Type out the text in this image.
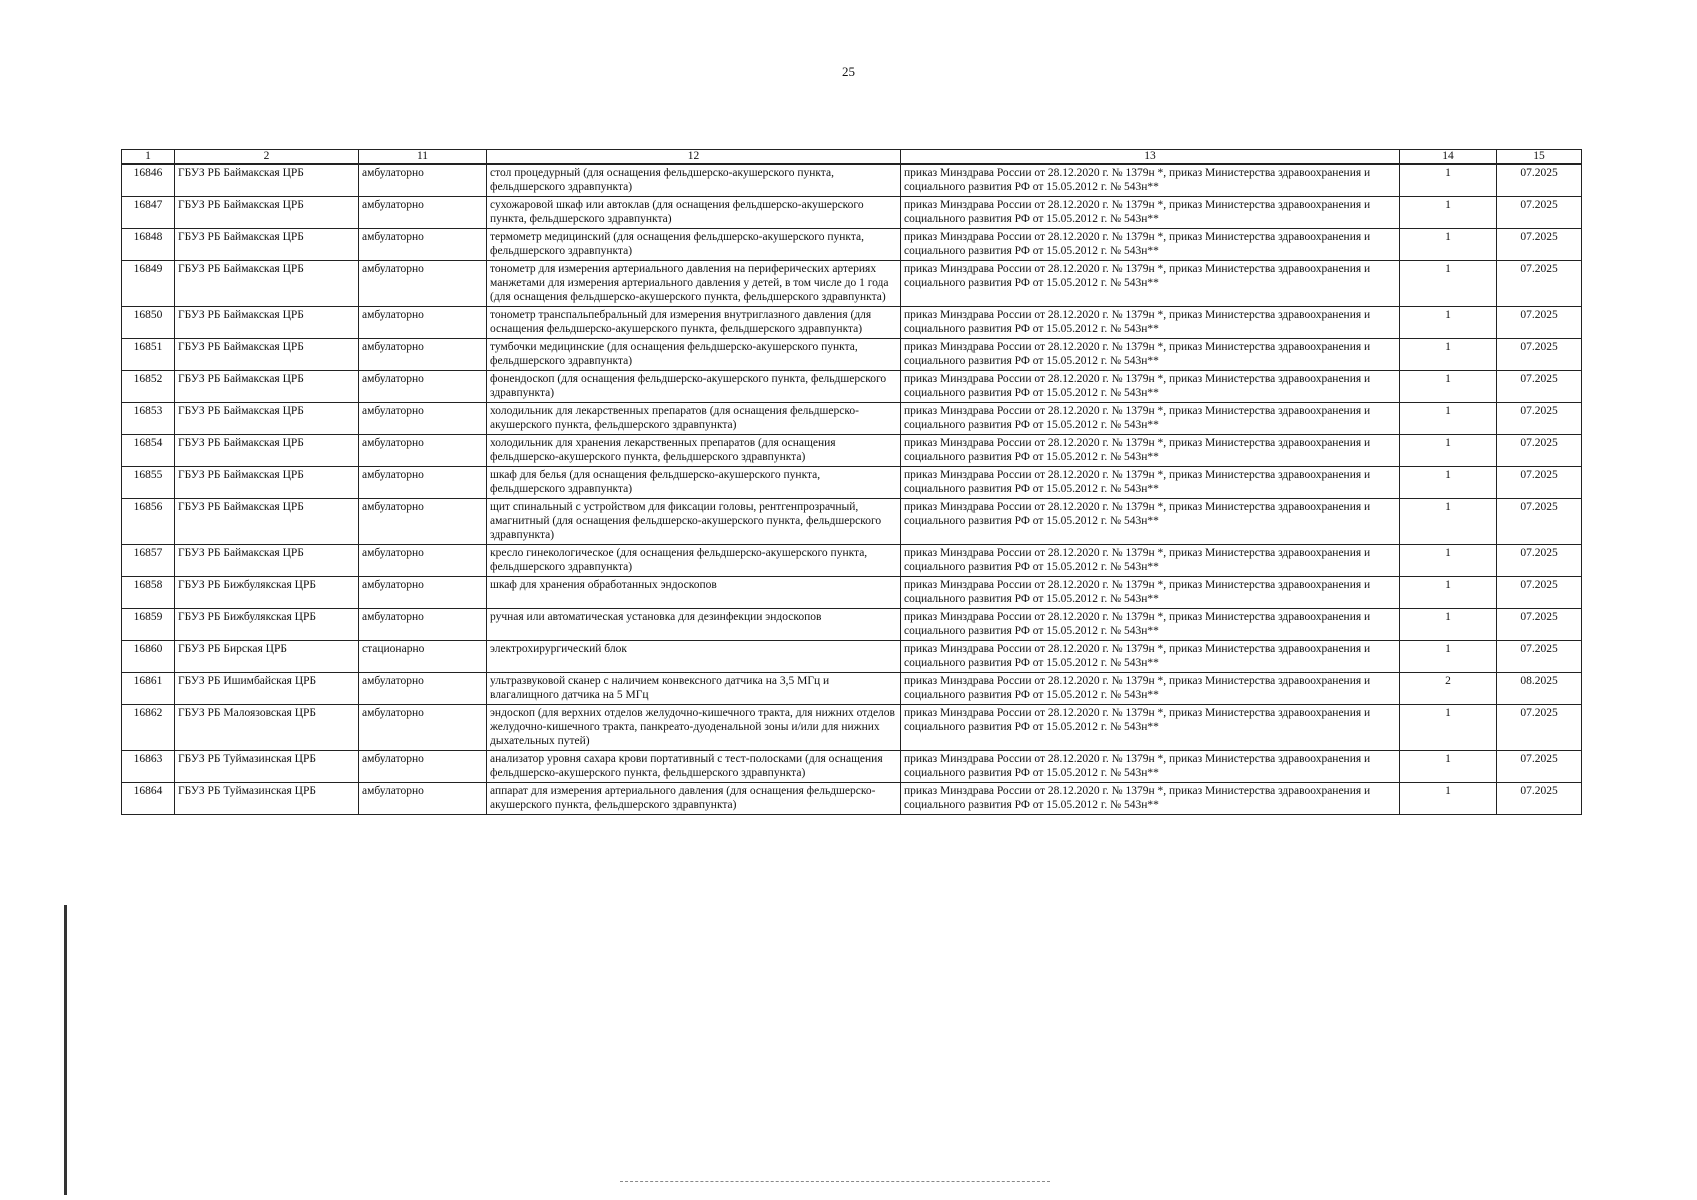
25
1	2	11	12	13	14	15
16846	ГБУЗ РБ Баймакская ЦРБ	амбулаторно	стол процедурный (для оснащения фельдшерско-акушерского пункта, фельдшерского здравпункта)	приказ Минздрава России от 28.12.2020 г. № 1379н *, приказ Министерства здравоохранения и социального развития РФ от 15.05.2012 г. № 543н**	1	07.2025
16847	ГБУЗ РБ Баймакская ЦРБ	амбулаторно	сухожаровой шкаф или автоклав (для оснащения фельдшерско-акушерского пункта, фельдшерского здравпункта)	приказ Минздрава России от 28.12.2020 г. № 1379н *, приказ Министерства здравоохранения и социального развития РФ от 15.05.2012 г. № 543н**	1	07.2025
16848	ГБУЗ РБ Баймакская ЦРБ	амбулаторно	термометр медицинский (для оснащения фельдшерско-акушерского пункта, фельдшерского здравпункта)	приказ Минздрава России от 28.12.2020 г. № 1379н *, приказ Министерства здравоохранения и социального развития РФ от 15.05.2012 г. № 543н**	1	07.2025
16849	ГБУЗ РБ Баймакская ЦРБ	амбулаторно	тонометр для измерения артериального давления на периферических артериях манжетами для измерения артериального давления у детей, в том числе до 1 года (для оснащения фельдшерско-акушерского пункта, фельдшерского здравпункта)	приказ Минздрава России от 28.12.2020 г. № 1379н *, приказ Министерства здравоохранения и социального развития РФ от 15.05.2012 г. № 543н**	1	07.2025
16850	ГБУЗ РБ Баймакская ЦРБ	амбулаторно	тонометр транспальпебральный для измерения внутриглазного давления (для оснащения фельдшерско-акушерского пункта, фельдшерского здравпункта)	приказ Минздрава России от 28.12.2020 г. № 1379н *, приказ Министерства здравоохранения и социального развития РФ от 15.05.2012 г. № 543н**	1	07.2025
16851	ГБУЗ РБ Баймакская ЦРБ	амбулаторно	тумбочки медицинские (для оснащения фельдшерско-акушерского пункта, фельдшерского здравпункта)	приказ Минздрава России от 28.12.2020 г. № 1379н *, приказ Министерства здравоохранения и социального развития РФ от 15.05.2012 г. № 543н**	1	07.2025
16852	ГБУЗ РБ Баймакская ЦРБ	амбулаторно	фонендоскоп (для оснащения фельдшерско-акушерского пункта, фельдшерского здравпункта)	приказ Минздрава России от 28.12.2020 г. № 1379н *, приказ Министерства здравоохранения и социального развития РФ от 15.05.2012 г. № 543н**	1	07.2025
16853	ГБУЗ РБ Баймакская ЦРБ	амбулаторно	холодильник для лекарственных препаратов (для оснащения фельдшерско-акушерского пункта, фельдшерского здравпункта)	приказ Минздрава России от 28.12.2020 г. № 1379н *, приказ Министерства здравоохранения и социального развития РФ от 15.05.2012 г. № 543н**	1	07.2025
16854	ГБУЗ РБ Баймакская ЦРБ	амбулаторно	холодильник для хранения лекарственных препаратов (для оснащения фельдшерско-акушерского пункта, фельдшерского здравпункта)	приказ Минздрава России от 28.12.2020 г. № 1379н *, приказ Министерства здравоохранения и социального развития РФ от 15.05.2012 г. № 543н**	1	07.2025
16855	ГБУЗ РБ Баймакская ЦРБ	амбулаторно	шкаф для белья (для оснащения фельдшерско-акушерского пункта, фельдшерского здравпункта)	приказ Минздрава России от 28.12.2020 г. № 1379н *, приказ Министерства здравоохранения и социального развития РФ от 15.05.2012 г. № 543н**	1	07.2025
16856	ГБУЗ РБ Баймакская ЦРБ	амбулаторно	щит спинальный с устройством для фиксации головы, рентгенпрозрачный, амагнитный (для оснащения фельдшерско-акушерского пункта, фельдшерского здравпункта)	приказ Минздрава России от 28.12.2020 г. № 1379н *, приказ Министерства здравоохранения и социального развития РФ от 15.05.2012 г. № 543н**	1	07.2025
16857	ГБУЗ РБ Баймакская ЦРБ	амбулаторно	кресло гинекологическое (для оснащения фельдшерско-акушерского пункта, фельдшерского здравпункта)	приказ Минздрава России от 28.12.2020 г. № 1379н *, приказ Министерства здравоохранения и социального развития РФ от 15.05.2012 г. № 543н**	1	07.2025
16858	ГБУЗ РБ Бижбулякская ЦРБ	амбулаторно	шкаф для хранения обработанных эндоскопов	приказ Минздрава России от 28.12.2020 г. № 1379н *, приказ Министерства здравоохранения и социального развития РФ от 15.05.2012 г. № 543н**	1	07.2025
16859	ГБУЗ РБ Бижбулякская ЦРБ	амбулаторно	ручная или автоматическая установка для дезинфекции эндоскопов	приказ Минздрава России от 28.12.2020 г. № 1379н *, приказ Министерства здравоохранения и социального развития РФ от 15.05.2012 г. № 543н**	1	07.2025
16860	ГБУЗ РБ Бирская ЦРБ	стационарно	электрохирургический блок	приказ Минздрава России от 28.12.2020 г. № 1379н *, приказ Министерства здравоохранения и социального развития РФ от 15.05.2012 г. № 543н**	1	07.2025
16861	ГБУЗ РБ Ишимбайская ЦРБ	амбулаторно	ультразвуковой сканер с наличием конвексного датчика на 3,5 МГц и влагалищного датчика на 5 МГц	приказ Минздрава России от 28.12.2020 г. № 1379н *, приказ Министерства здравоохранения и социального развития РФ от 15.05.2012 г. № 543н**	2	08.2025
16862	ГБУЗ РБ Малоязовская ЦРБ	амбулаторно	эндоскоп (для верхних отделов желудочно-кишечного тракта, для нижних отделов желудочно-кишечного тракта, панкреато-дуоденальной зоны и/или для нижних дыхательных путей)	приказ Минздрава России от 28.12.2020 г. № 1379н *, приказ Министерства здравоохранения и социального развития РФ от 15.05.2012 г. № 543н**	1	07.2025
16863	ГБУЗ РБ Туймазинская ЦРБ	амбулаторно	анализатор уровня сахара крови портативный с тест-полосками (для оснащения фельдшерско-акушерского пункта, фельдшерского здравпункта)	приказ Минздрава России от 28.12.2020 г. № 1379н *, приказ Министерства здравоохранения и социального развития РФ от 15.05.2012 г. № 543н**	1	07.2025
16864	ГБУЗ РБ Туймазинская ЦРБ	амбулаторно	аппарат для измерения артериального давления (для оснащения фельдшерско-акушерского пункта, фельдшерского здравпункта)	приказ Минздрава России от 28.12.2020 г. № 1379н *, приказ Министерства здравоохранения и социального развития РФ от 15.05.2012 г. № 543н**	1	07.2025
